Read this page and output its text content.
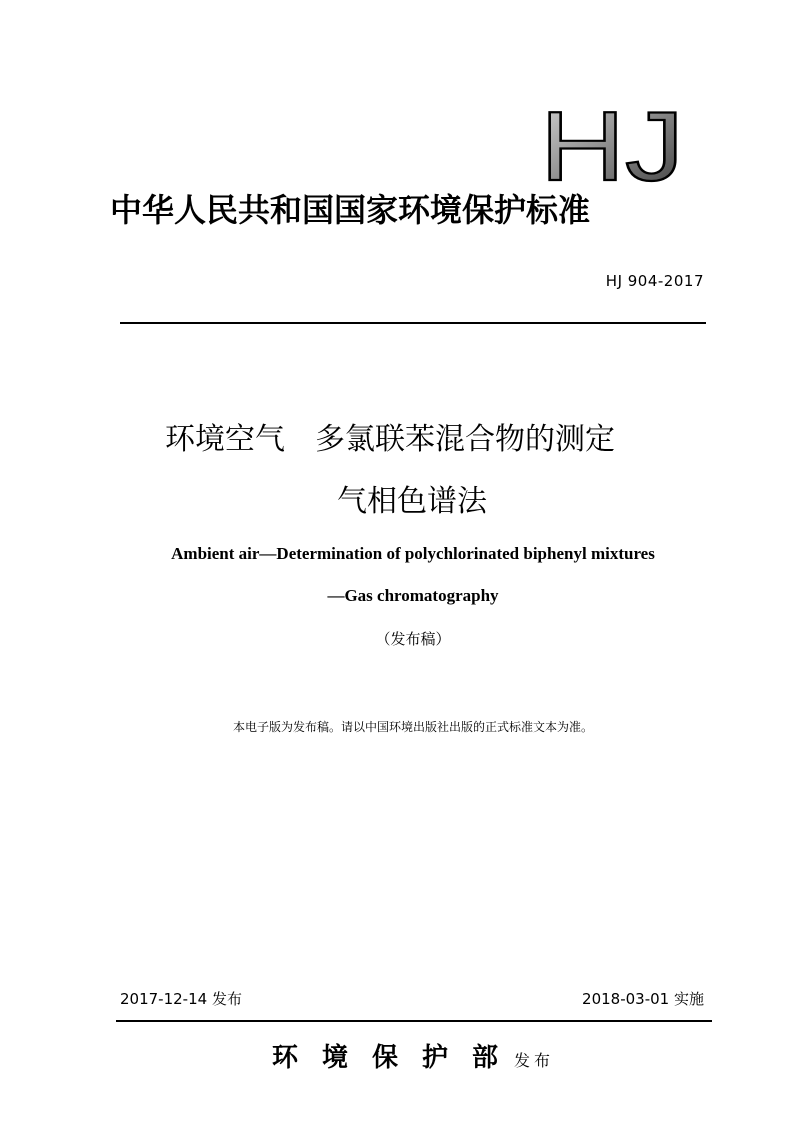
HJ
中华人民共和国国家环境保护标准
HJ 904-2017
环境空气　多氯联苯混合物的测定
气相色谱法
Ambient air—Determination of polychlorinated biphenyl mixtures
—Gas chromatography
（发布稿）
本电子版为发布稿。请以中国环境出版社出版的正式标准文本为准。
2017-12-14 发布	2018-03-01 实施
环境保护部 发布
